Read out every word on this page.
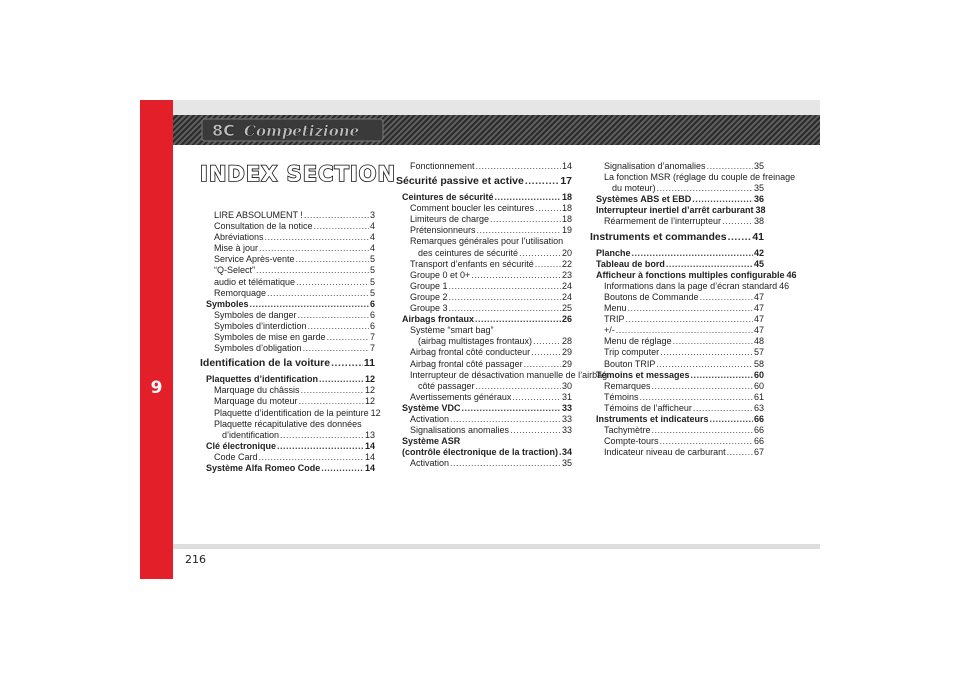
9
8C Competizione
INDEX SECTION
LIRE ABSOLUMENT ! .....	3
Consultation de la notice .....	4
Abréviations .....	4
Mise à jour .....	4
Service Après-vente .....	5
“Q-Select” .....	5
audio et télématique .....	5
Remorquage .....	5
Symboles .....	6
Symboles de danger .....	6
Symboles d’interdiction .....	6
Symboles de mise en garde .....	7
Symboles d’obligation .....	7
Identification de la voiture .....	11
Plaquettes d’identification .....	12
Marquage du châssis .....	12
Marquage du moteur .....	12
Plaquette d’identification de la peinture 12
Plaquette récapitulative des données
d’identification .....	13
Clé électronique .....	14
Code Card .....	14
Système Alfa Romeo Code .....	14
Fonctionnement .....	14
Sécurité passive et active .....	17
Ceintures de sécurité .....	18
Comment boucler les ceintures .....	18
Limiteurs de charge .....	18
Prétensionneurs .....	19
Remarques générales pour l’utilisation
des ceintures de sécurité .....	20
Transport d’enfants en sécurité .....	22
Groupe 0 et 0+ .....	23
Groupe 1 .....	24
Groupe 2 .....	24
Groupe 3 .....	25
Airbags frontaux .....	26
Système “smart bag”
(airbag multistages frontaux) .....	28
Airbag frontal côté conducteur .....	29
Airbag frontal côté passager .....	29
Interrupteur de désactivation manuelle de l’airbag
côté passager .....	30
Avertissements généraux .....	31
Système VDC .....	33
Activation .....	33
Signalisations anomalies .....	33
Système ASR
(contrôle électronique de la traction) ..... 34
Activation .....	35
Signalisation d’anomalies .....	35
La fonction MSR (réglage du couple de freinage
du moteur) .....	35
Systèmes ABS et EBD .....	36
Interrupteur inertiel d’arrêt carburant 38
Réarmement de l’interrupteur .....	38
Instruments et commandes ..... 41
Planche .....	42
Tableau de bord .....	45
Afficheur à fonctions multiples configurable 46
Informations dans la page d’écran standard 46
Boutons de Commande .....	47
Menu .....	47
TRIP .....	47
+/- .....	47
Menu de réglage .....	48
Trip computer .....	57
Bouton TRIP .....	58
Témoins et messages .....	60
Remarques .....	60
Témoins .....	61
Témoins de l’afficheur .....	63
Instruments et indicateurs .....	66
Tachymètre .....	66
Compte-tours .....	66
Indicateur niveau de carburant .....	67
216
